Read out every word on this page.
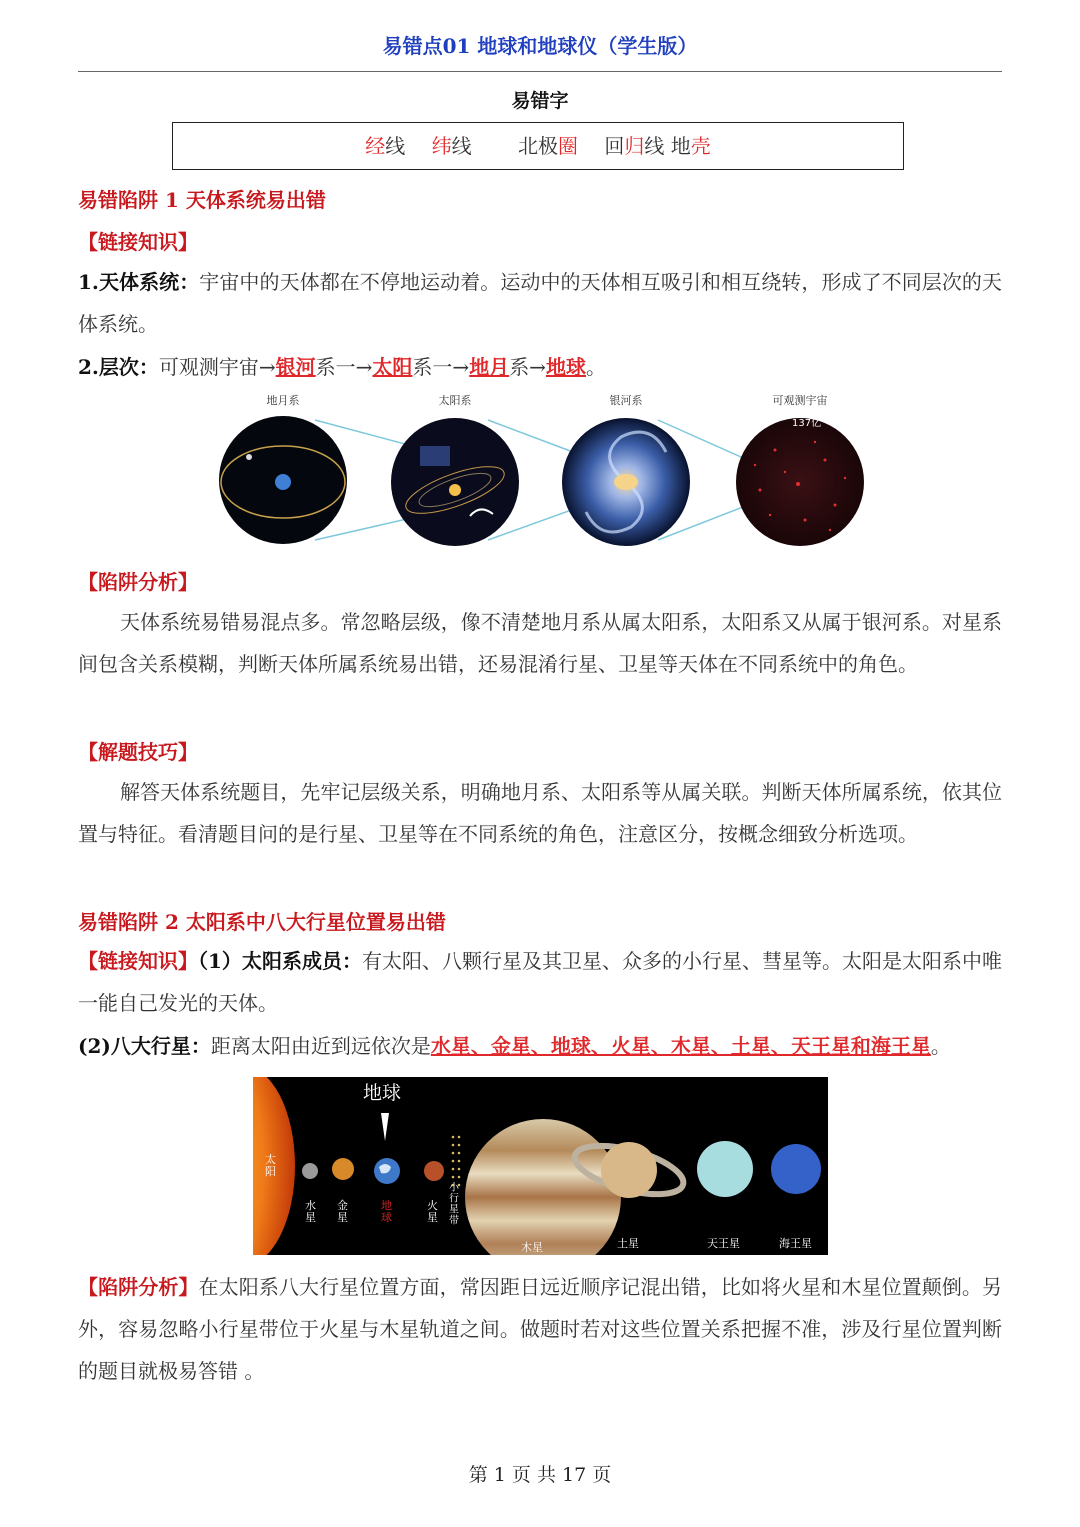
易错点01 地球和地球仪（学生版）
易错字
经线 纬线 北极圈 回归线 地壳
易错陷阱 1 天体系统易出错
【链接知识】
1.天体系统：宇宙中的天体都在不停地运动着。运动中的天体相互吸引和相互绕转，形成了不同层次的天体系统。
2.层次：可观测宇宙→银河系一→太阳系一→地月系→地球。
地月系	太阳系	银河系	可观测宇宙
137亿
【陷阱分析】
天体系统易错易混点多。常忽略层级，像不清楚地月系从属太阳系，太阳系又从属于银河系。对星系间包含关系模糊，判断天体所属系统易出错，还易混淆行星、卫星等天体在不同系统中的角色。
【解题技巧】
解答天体系统题目，先牢记层级关系，明确地月系、太阳系等从属关联。判断天体所属系统，依其位置与特征。看清题目问的是行星、卫星等在不同系统的角色，注意区分，按概念细致分析选项。
易错陷阱 2 太阳系中八大行星位置易出错
【链接知识】（1）太阳系成员：有太阳、八颗行星及其卫星、众多的小行星、彗星等。太阳是太阳系中唯一能自己发光的天体。
(2)八大行星：距离太阳由近到远依次是水星、金星、地球、火星、木星、土星、天王星和海王星。
太阳
地球
水星
金星
地球
火星
小行星带
木星	土星	天王星	海王星
【陷阱分析】在太阳系八大行星位置方面，常因距日远近顺序记混出错，比如将火星和木星位置颠倒。另外，容易忽略小行星带位于火星与木星轨道之间。做题时若对这些位置关系把握不准，涉及行星位置判断的题目就极易答错 。
第 1 页 共 17 页
